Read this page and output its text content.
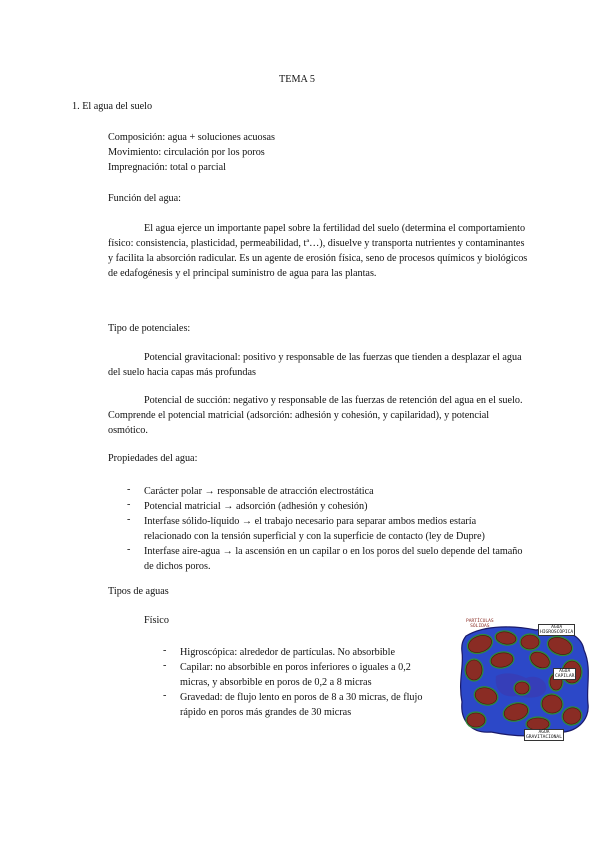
TEMA 5
1. El agua del suelo
Composición: agua + soluciones acuosas
Movimiento: circulación por los poros
Impregnación: total o parcial
Función del agua:
El agua ejerce un importante papel sobre la fertilidad del suelo (determina el comportamiento físico: consistencia, plasticidad, permeabilidad, tª…), disuelve y transporta nutrientes y contaminantes y facilita la absorción radicular. Es un agente de erosión física, seno de procesos químicos y biológicos de edafogénesis y el principal suministro de agua para las plantas.
Tipo de potenciales:
Potencial gravitacional: positivo y responsable de las fuerzas que tienden a desplazar el agua del suelo hacia capas más profundas
Potencial de succión: negativo y responsable de las fuerzas de retención del agua en el suelo. Comprende el potencial matricial (adsorción: adhesión y cohesión, y capilaridad), y potencial osmótico.
Propiedades del agua:
- Carácter polar → responsable de atracción electrostática
- Potencial matricial → adsorción (adhesión y cohesión)
- Interfase sólido-líquido → el trabajo necesario para separar ambos medios estaría relacionado con la tensión superficial y con la superficie de contacto (ley de Dupre)
- Interfase aire-agua → la ascensión en un capilar o en los poros del suelo depende del tamaño de dichos poros.
Tipos de aguas
Físico
- Higroscópica: alrededor de partículas. No absorbible
- Capilar: no absorbible en poros inferiores o iguales a 0,2 micras, y absorbible en poros de 0,2 a 8 micras
- Gravedad: de flujo lento en poros de 8 a 30 micras, de flujo rápido en poros más grandes de 30 micras
PARTÍCULAS
SÓLIDAS	AGUA
HIGROSCÓPICA
AGUA
CAPILAR
AGUA
GRAVITACIONAL
